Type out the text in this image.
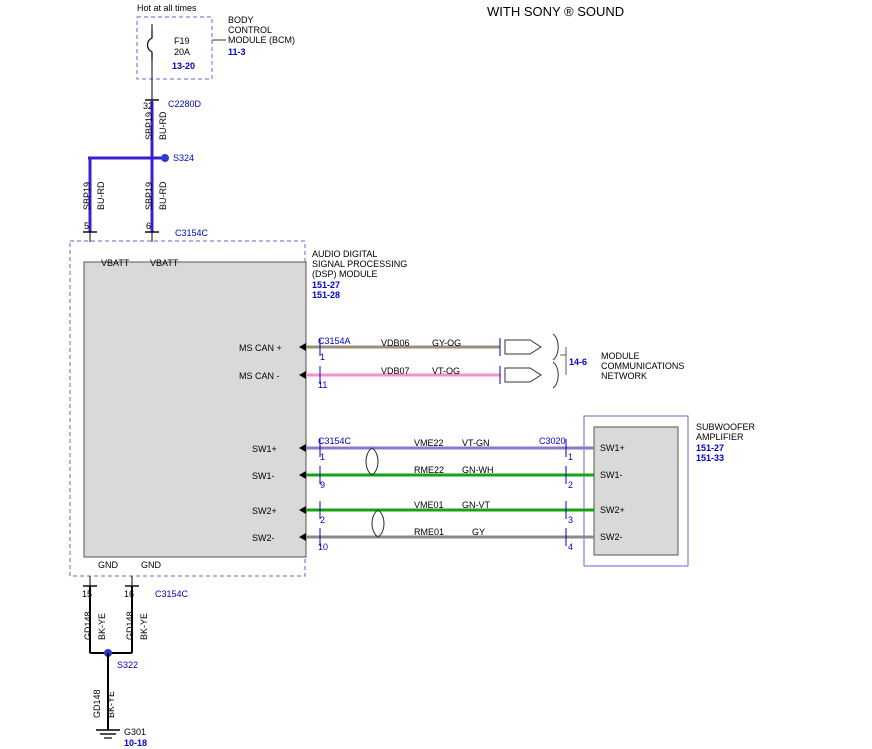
WITH SONY ® SOUND
Hot at all times
F19
20A
13-20
BODY
CONTROL
MODULE (BCM)
11-3
32 C2280D
SBP19 BU-RD
S324
SBP19 BU-RD	SBP19 BU-RD
5	6
C3154C
VBATT VBATT
AUDIO DIGITAL
SIGNAL PROCESSING
(DSP) MODULE
151-27
151-28
MS CAN +
MS CAN -
SW1+
SW1-
SW2+
SW2-
C3154A	VDB06 GY-OG
1
VDB07 VT-OG
11
14-6
MODULE
COMMUNICATIONS
NETWORK
C3154C	C3020
VME22 VT-GN
1	1
RME22 GN-WH
9	2
VME01 GN-VT
2	3
RME01	GY
10	4
SW1+
SW1-
SW2+
SW2-
SUBWOOFER
AMPLIFIER
151-27
151-33
GND	GND
15	16 C3154C
GD148 BK-YE GD148 BK-YE
S322
GD148 BK-YE
G301
10-18
